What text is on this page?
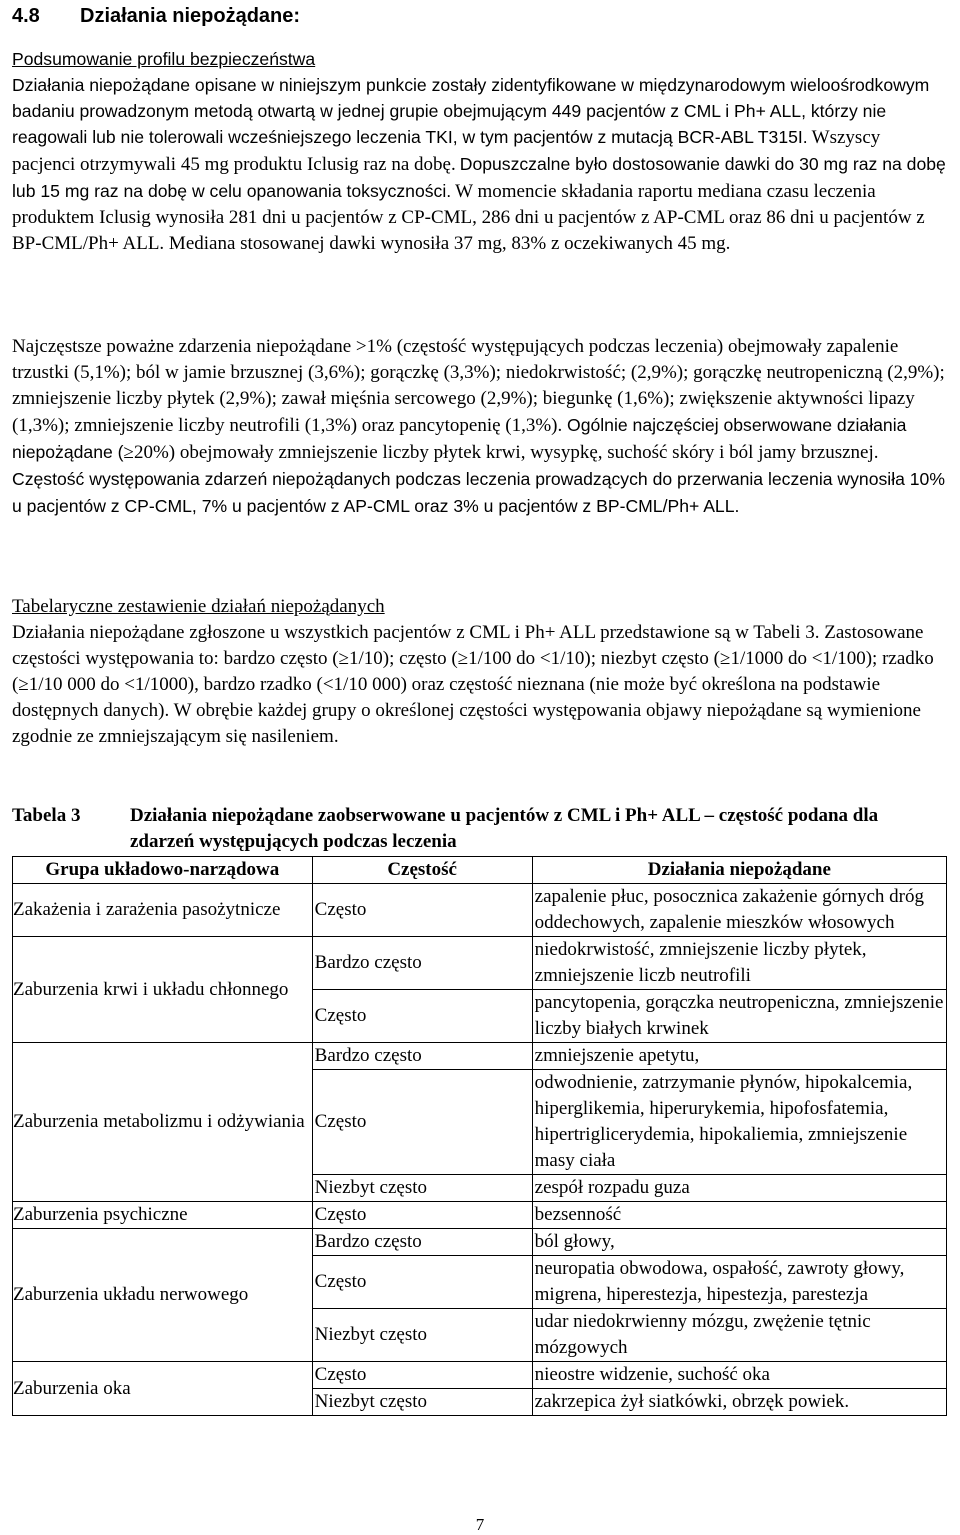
4.8 Działania niepożądane:
Podsumowanie profilu bezpieczeństwa
Działania niepożądane opisane w niniejszym punkcie zostały zidentyfikowane w międzynarodowym wieloośrodkowym badaniu prowadzonym metodą otwartą w jednej grupie obejmującym 449 pacjentów z CML i Ph+ ALL, którzy nie reagowali lub nie tolerowali wcześniejszego leczenia TKI, w tym pacjentów z mutacją BCR-ABL T315I. Wszyscy pacjenci otrzymywali 45 mg produktu Iclusig raz na dobę. Dopuszczalne było dostosowanie dawki do 30 mg raz na dobę lub 15 mg raz na dobę w celu opanowania toksyczności. W momencie składania raportu mediana czasu leczenia produktem Iclusig wynosiła 281 dni u pacjentów z CP-CML, 286 dni u pacjentów z AP-CML oraz 86 dni u pacjentów z BP-CML/Ph+ ALL. Mediana stosowanej dawki wynosiła 37 mg, 83% z oczekiwanych 45 mg.
Najczęstsze poważne zdarzenia niepożądane >1% (częstość występujących podczas leczenia) obejmowały zapalenie trzustki (5,1%); ból w jamie brzusznej (3,6%); gorączkę (3,3%); niedokrwistość; (2,9%); gorączkę neutropeniczną (2,9%); zmniejszenie liczby płytek (2,9%); zawał mięśnia sercowego (2,9%); biegunkę (1,6%); zwiększenie aktywności lipazy (1,3%); zmniejszenie liczby neutrofili (1,3%) oraz pancytopenię (1,3%). Ogólnie najczęściej obserwowane działania niepożądane (≥20%) obejmowały zmniejszenie liczby płytek krwi, wysypkę, suchość skóry i ból jamy brzusznej. Częstość występowania zdarzeń niepożądanych podczas leczenia prowadzących do przerwania leczenia wynosiła 10% u pacjentów z CP-CML, 7% u pacjentów z AP-CML oraz 3% u pacjentów z BP-CML/Ph+ ALL.
Tabelaryczne zestawienie działań niepożądanych
Działania niepożądane zgłoszone u wszystkich pacjentów z CML i Ph+ ALL przedstawione są w Tabeli 3. Zastosowane częstości występowania to: bardzo często (≥1/10); często (≥1/100 do <1/10); niezbyt często (≥1/1000 do <1/100); rzadko (≥1/10 000 do <1/1000), bardzo rzadko (<1/10 000) oraz częstość nieznana (nie może być określona na podstawie dostępnych danych). W obrębie każdej grupy o określonej częstości występowania objawy niepożądane są wymienione zgodnie ze zmniejszającym się nasileniem.
Tabela 3	Działania niepożądane zaobserwowane u pacjentów z CML i Ph+ ALL – częstość podana dla zdarzeń występujących podczas leczenia
Grupa układowo-narządowa	Częstość	Działania niepożądane
Zakażenia i zarażenia pasożytnicze	Często	zapalenie płuc, posocznica zakażenie górnych dróg oddechowych, zapalenie mieszków włosowych
Zaburzenia krwi i układu chłonnego	Bardzo często	niedokrwistość, zmniejszenie liczby płytek, zmniejszenie liczb neutrofili
	Często	pancytopenia, gorączka neutropeniczna, zmniejszenie liczby białych krwinek
Zaburzenia metabolizmu i odżywiania	Bardzo często	zmniejszenie apetytu,
	Często	odwodnienie, zatrzymanie płynów, hipokalcemia, hiperglikemia, hiperurykemia, hipofosfatemia, hipertriglicerydemia, hipokaliemia, zmniejszenie masy ciała
	Niezbyt często	zespół rozpadu guza
Zaburzenia psychiczne	Często	bezsenność
Zaburzenia układu nerwowego	Bardzo często	ból głowy,
	Często	neuropatia obwodowa, ospałość, zawroty głowy, migrena, hiperestezja, hipestezja, parestezja
	Niezbyt często	udar niedokrwienny mózgu, zwężenie tętnic mózgowych
Zaburzenia oka	Często	nieostre widzenie, suchość oka
	Niezbyt często	zakrzepica żył siatkówki, obrzęk powiek.
7
